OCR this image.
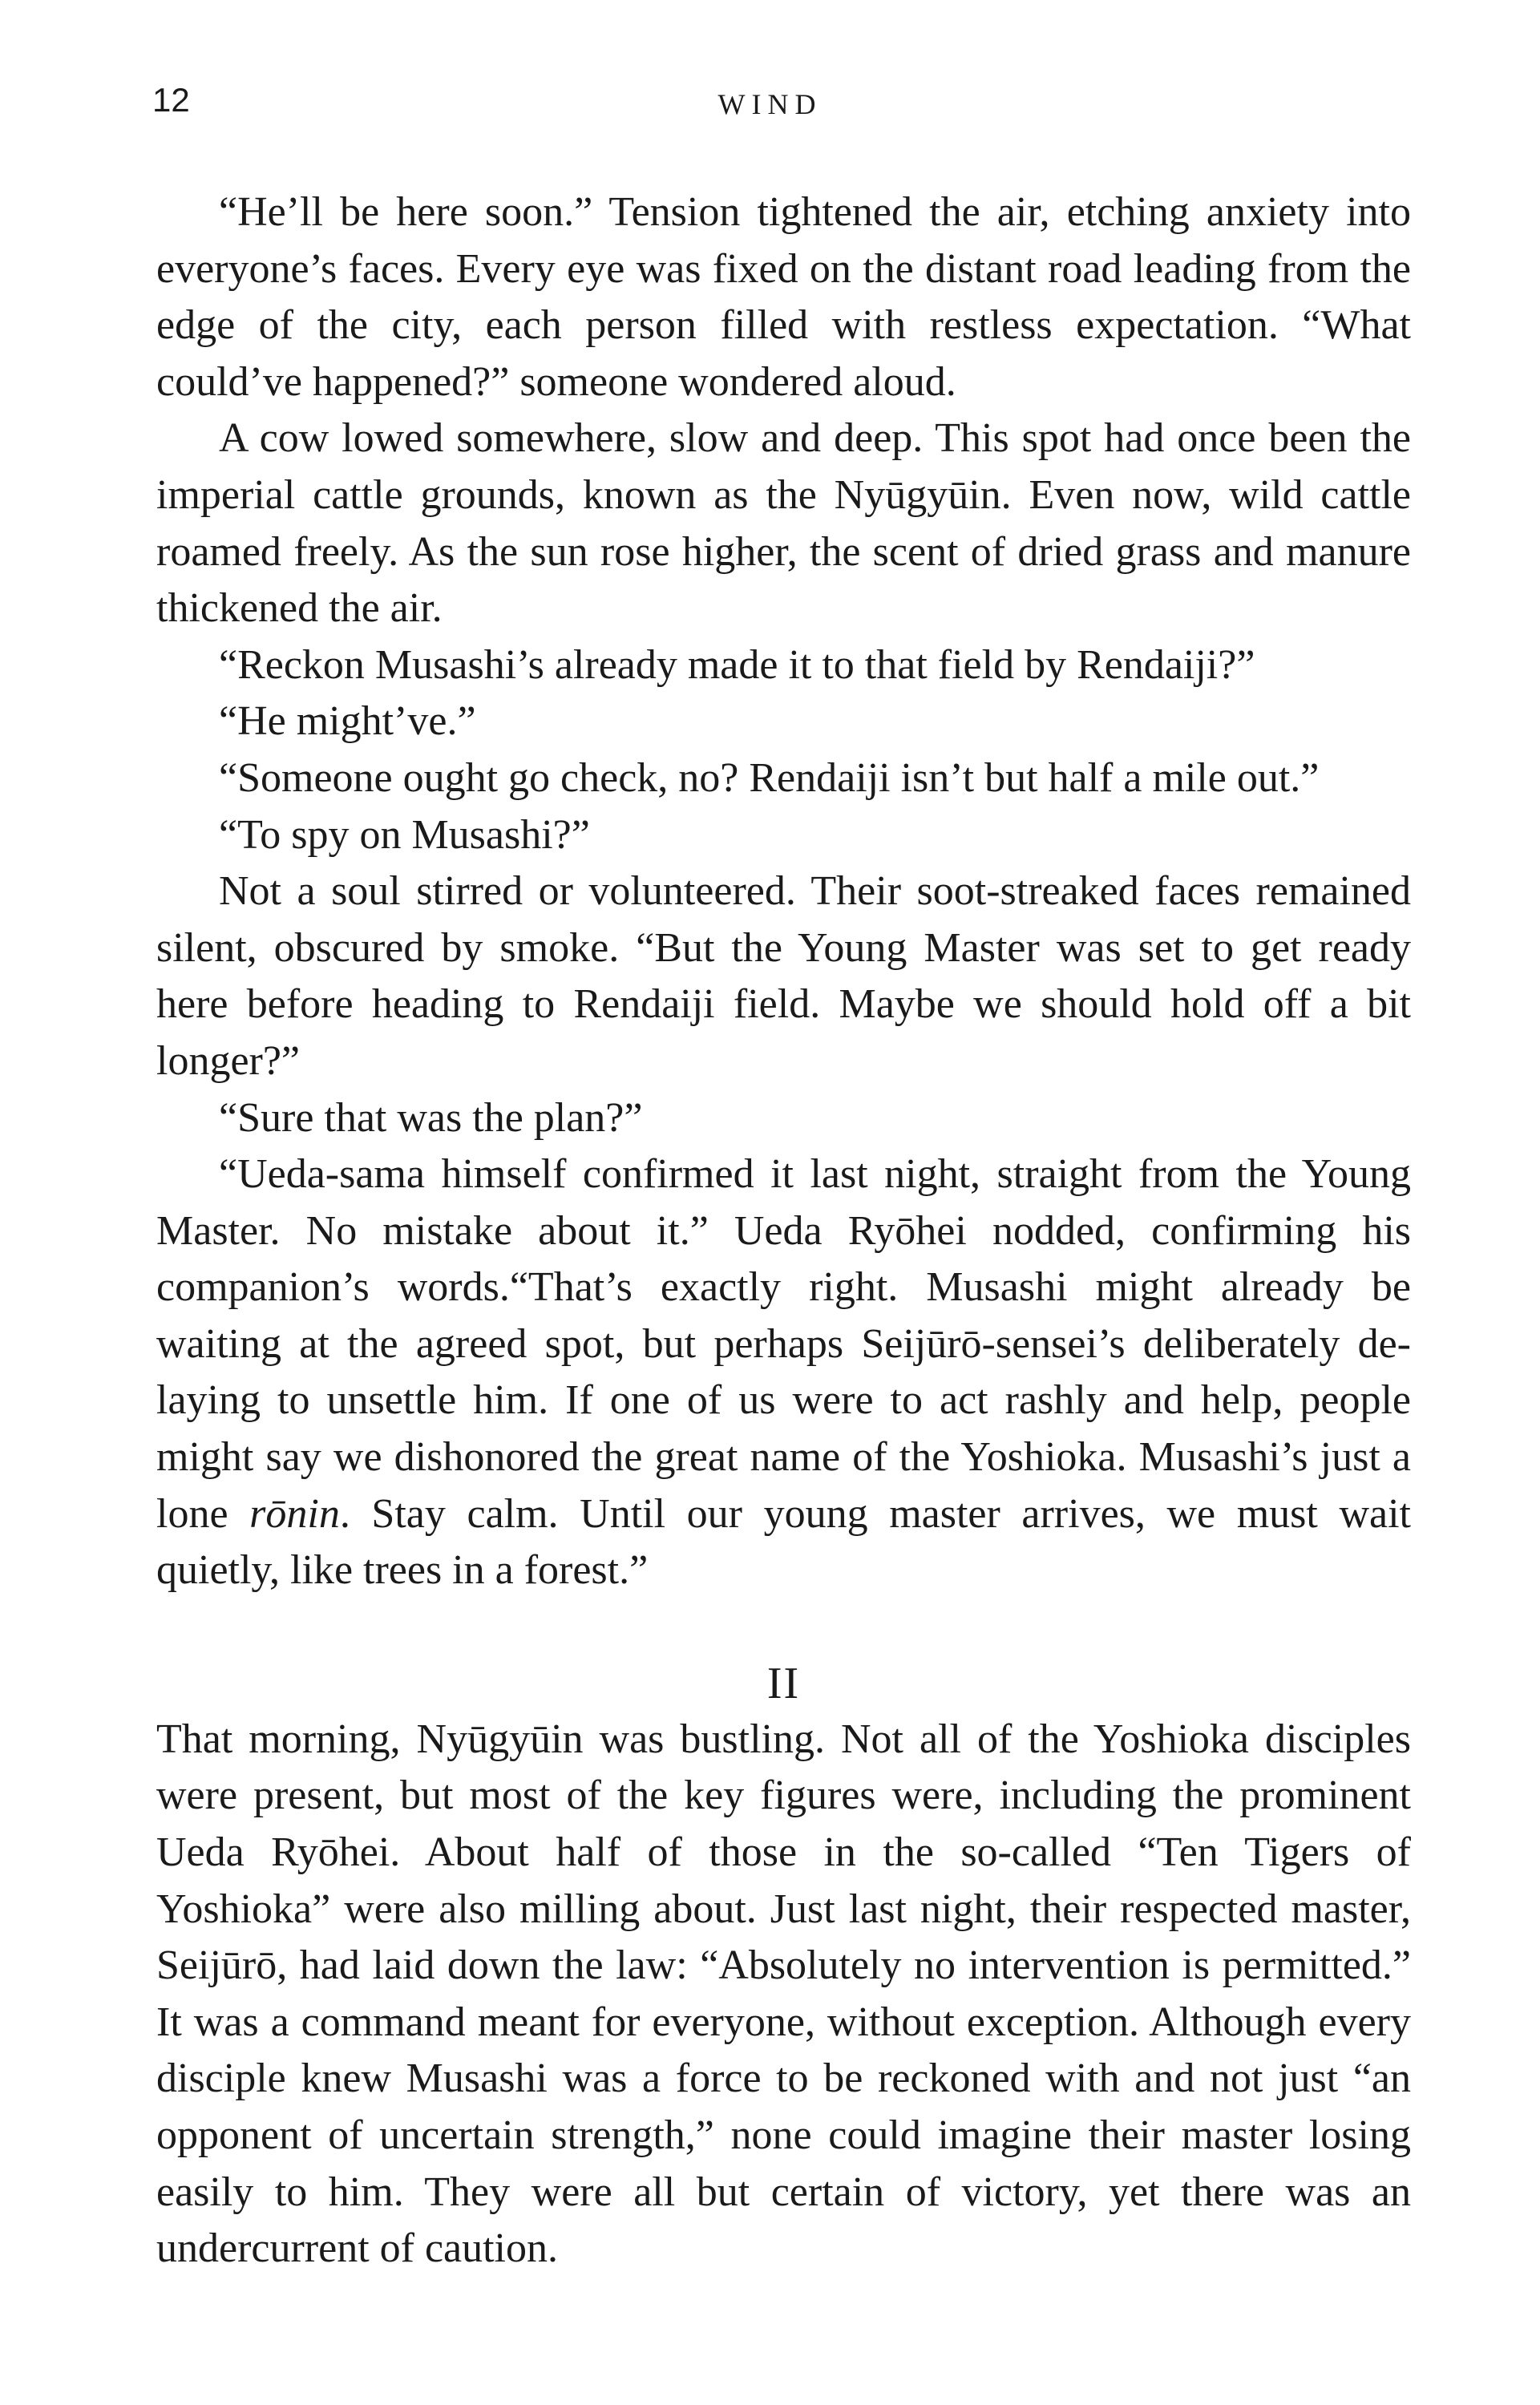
12	WIND

“He’ll be here soon.” Tension tightened the air, etching anxiety into everyone’s faces. Every eye was fixed on the distant road leading from the edge of the city, each person filled with restless expectation. “What could’ve happened?” someone wondered aloud.

A cow lowed somewhere, slow and deep. This spot had once been the imperial cattle grounds, known as the Nyūgyūin. Even now, wild cattle roamed freely. As the sun rose higher, the scent of dried grass and manure thickened the air.

“Reckon Musashi’s already made it to that field by Rendaiji?”

“He might’ve.”

“Someone ought go check, no? Rendaiji isn’t but half a mile out.”

“To spy on Musashi?”

Not a soul stirred or volunteered. Their soot-streaked faces remained silent, obscured by smoke. “But the Young Master was set to get ready here before heading to Rendaiji field. Maybe we should hold off a bit longer?”

“Sure that was the plan?”

“Ueda-sama himself confirmed it last night, straight from the Young Master. No mistake about it.” Ueda Ryōhei nodded, confirming his companion’s words.“That’s exactly right. Musashi might already be waiting at the agreed spot, but perhaps Seijūrō-sensei’s deliberately delaying to unsettle him. If one of us were to act rashly and help, people might say we dishonored the great name of the Yoshioka. Musashi’s just a lone rōnin. Stay calm. Until our young master arrives, we must wait quietly, like trees in a forest.”

II

That morning, Nyūgyūin was bustling. Not all of the Yoshioka disciples were present, but most of the key figures were, including the prominent Ueda Ryōhei. About half of those in the so-called “Ten Tigers of Yoshioka” were also milling about. Just last night, their respected master, Seijūrō, had laid down the law: “Absolutely no intervention is permitted.” It was a command meant for everyone, without exception. Although every disciple knew Musashi was a force to be reckoned with and not just “an opponent of uncertain strength,” none could imagine their master losing easily to him. They were all but certain of victory, yet there was an undercurrent of caution.
